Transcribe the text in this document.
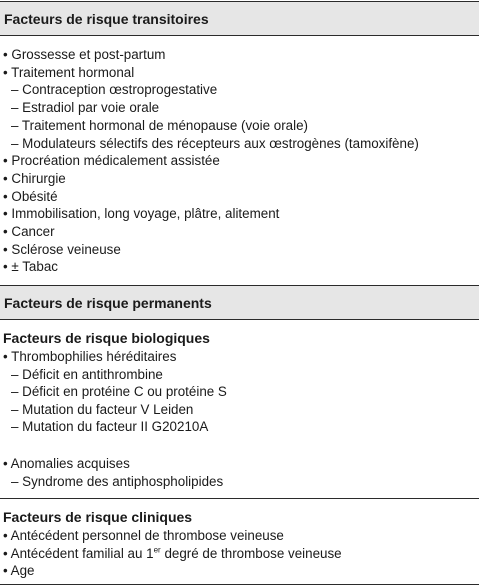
Facteurs de risque transitoires
• Grossesse et post-partum
• Traitement hormonal
– Contraception œstroprogestative
– Estradiol par voie orale
– Traitement hormonal de ménopause (voie orale)
– Modulateurs sélectifs des récepteurs aux œstrogènes (tamoxifène)
• Procréation médicalement assistée
• Chirurgie
• Obésité
• Immobilisation, long voyage, plâtre, alitement
• Cancer
• Sclérose veineuse
• ± Tabac
Facteurs de risque permanents
Facteurs de risque biologiques
• Thrombophilies héréditaires
– Déficit en antithrombine
– Déficit en protéine C ou protéine S
– Mutation du facteur V Leiden
– Mutation du facteur II G20210A
• Anomalies acquises
– Syndrome des antiphospholipides
Facteurs de risque cliniques
• Antécédent personnel de thrombose veineuse
• Antécédent familial au 1er degré de thrombose veineuse
• Age
